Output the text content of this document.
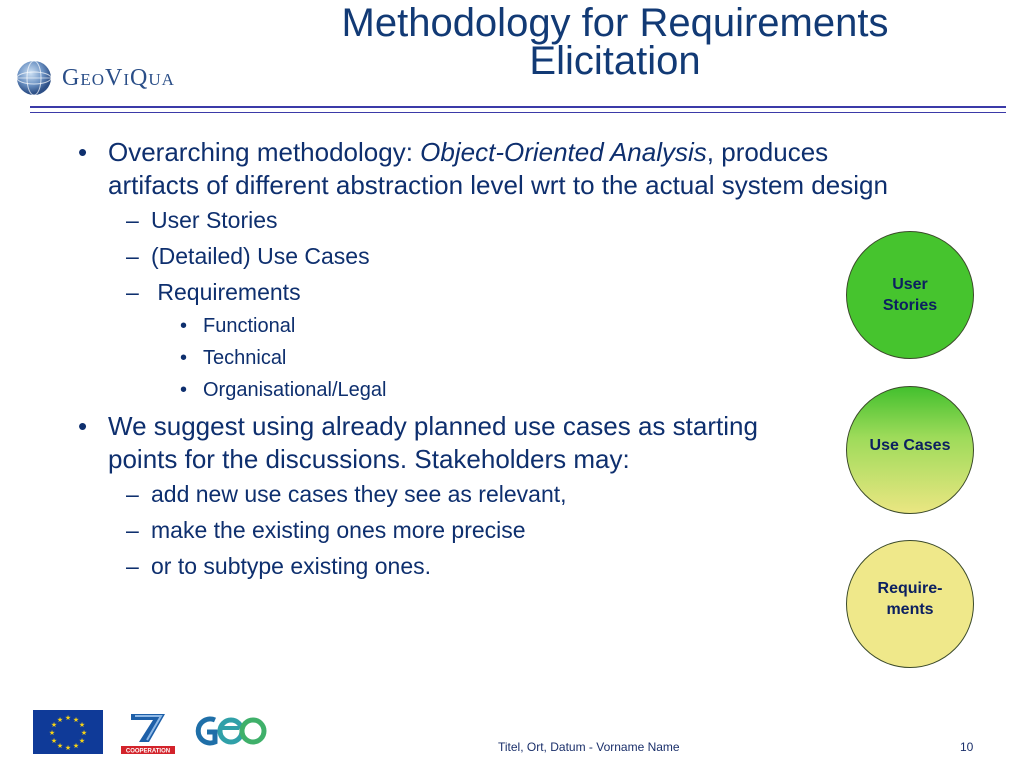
GeoViQua
Methodology for Requirements
Elicitation
• Overarching methodology: Object-Oriented Analysis, produces artifacts of different abstraction level wrt to the actual system design
– User Stories
– (Detailed) Use Cases
– Requirements
• Functional
• Technical
• Organisational/Legal
• We suggest using already planned use cases as starting points for the discussions. Stakeholders may:
– add new use cases they see as relevant,
– make the existing ones more precise
– or to subtype existing ones.
User Stories
Use Cases
Require-ments
★ ★
★
★
★
★
★
★
★
★
★
★
COOPERATION	Titel, Ort, Datum - Vorname Name	10
